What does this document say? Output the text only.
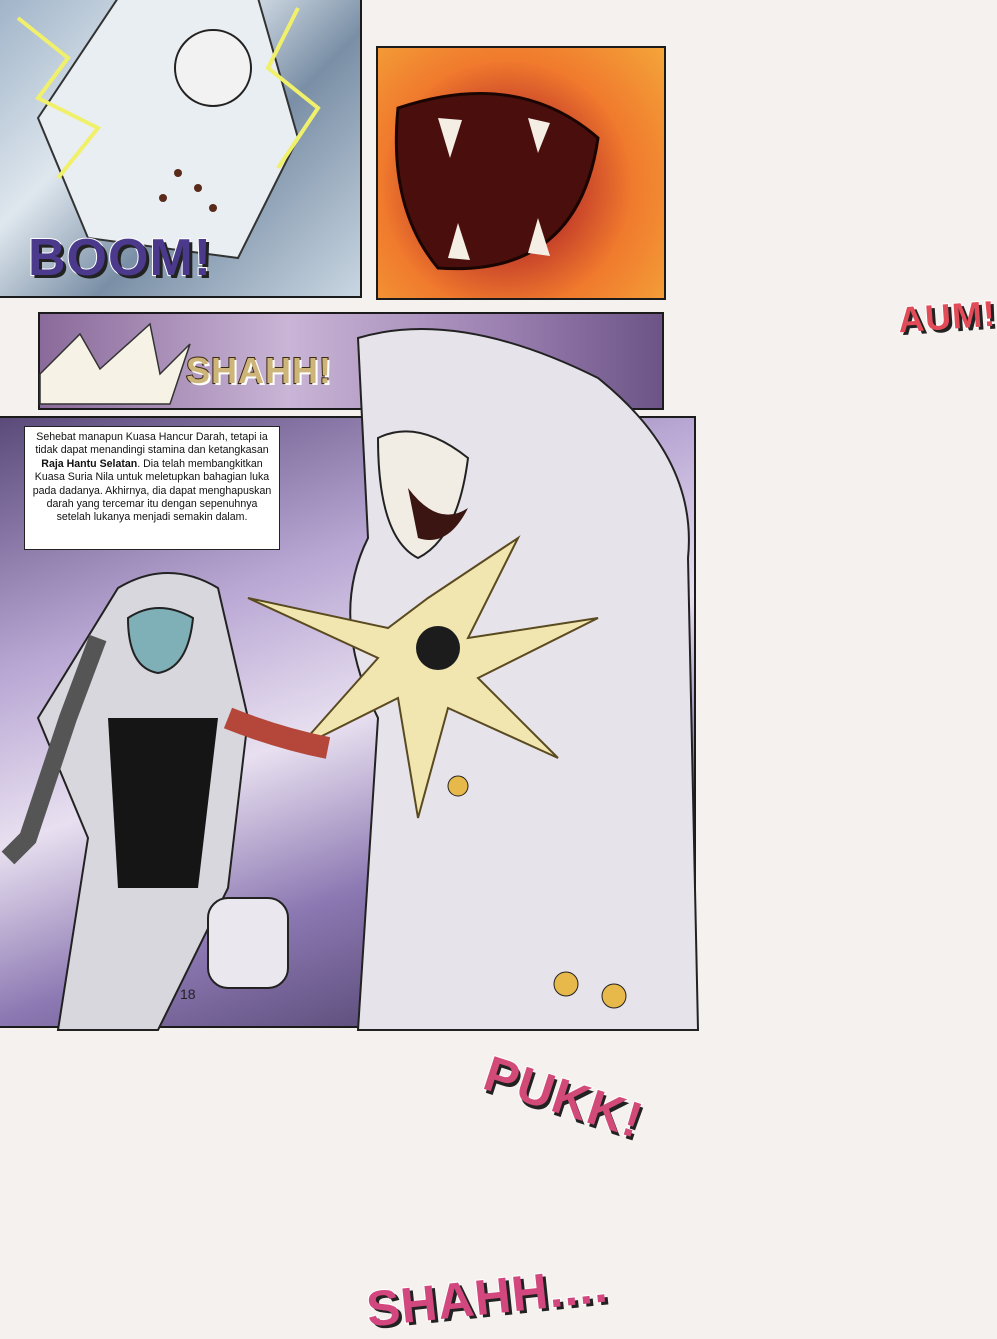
BOOM!
AUM!
SHAHH!
PUKK!
SHAHH....
Sehebat manapun Kuasa Hancur Darah, tetapi ia tidak dapat menandingi stamina dan ketangkasan Raja Hantu Selatan. Dia telah membangkitkan Kuasa Suria Nila untuk meletupkan bahagian luka pada dadanya. Akhirnya, dia dapat menghapuskan darah yang tercemar itu dengan sepenuhnya setelah lukanya menjadi semakin dalam.
18
